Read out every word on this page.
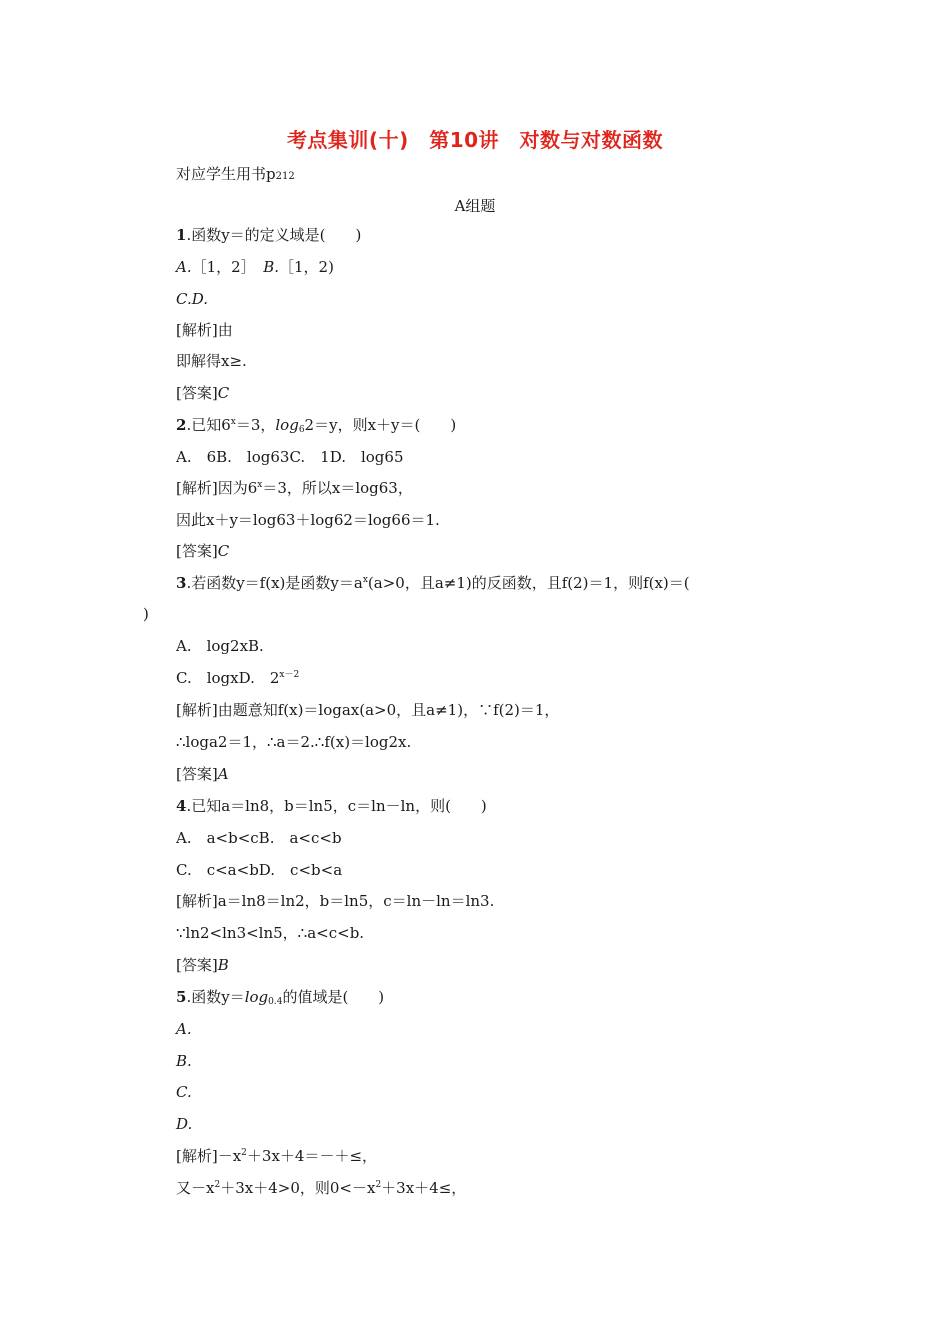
考点集训(十)　第10讲　对数与对数函数
对应学生用书p212
A组题
1.函数y＝的定义域是(　　)
A.［1，2］　B.［1，2)
C.D.
[解析]由
即解得x≥.
[答案]C
2.已知$6^x=3$，$\log_62=y$，则x＋y＝(　　)
A.　6B.　log63C.　1D.　log65
[解析]因为$6^x=3$，所以x＝log63，
因此x＋y＝log63＋log62＝log66＝1.
[答案]C
3.若函数y＝f(x)是函数$y=a^x(a>0$，且a≠1)的反函数，且f(2)＝1，则f(x)＝(
)
A.　log2xB.
C.　logxD.　$2^{x-2}$
[解析]由题意知f(x)＝logax(a>0，且a≠1)，∵f(2)＝1，
∴loga2＝1，∴a＝2.∴f(x)＝log2x.
[答案]A
4.已知a＝ln8，b＝ln5，c＝ln－ln，则(　　)
A.　a<b<cB.　a<c<b
C.　c<a<bD.　c<b<a
[解析]a＝ln8＝ln2，b＝ln5，c＝ln－ln＝ln3.
∵ln2<ln3<ln5，∴a<c<b.
[答案]B
5.函数$y=\log_{0.4}$的值域是(　　)
A.
B.
C.
D.
[解析]$-x^2+3x+4=-+\le$，
又$-x^2+3x+4>0$，则$0<-x^2+3x+4\le$，
